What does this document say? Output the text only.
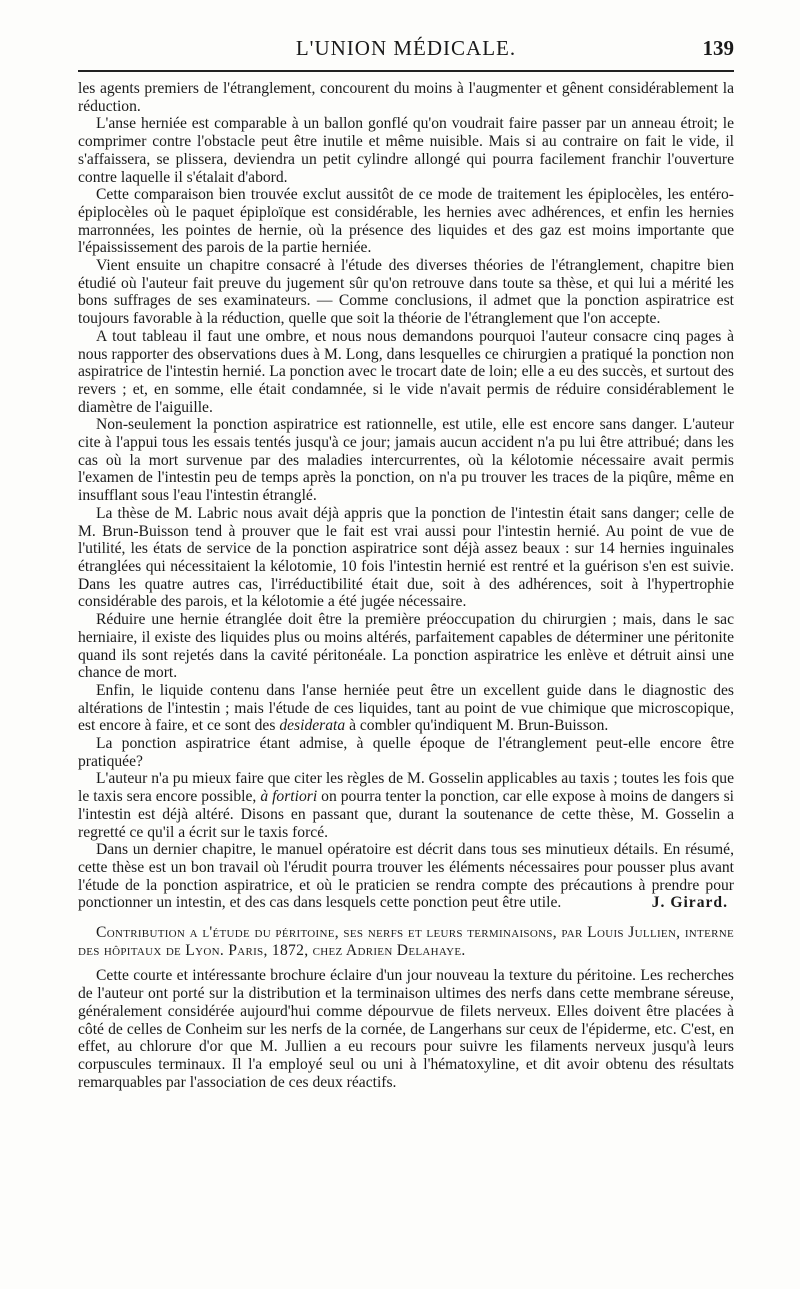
L'UNION MÉDICALE.	139

les agents premiers de l'étranglement, concourent du moins à l'augmenter et gênent considérablement la réduction.

L'anse herniée est comparable à un ballon gonflé qu'on voudrait faire passer par un anneau étroit; le comprimer contre l'obstacle peut être inutile et même nuisible. Mais si au contraire on fait le vide, il s'affaissera, se plissera, deviendra un petit cylindre allongé qui pourra facilement franchir l'ouverture contre laquelle il s'étalait d'abord.

Cette comparaison bien trouvée exclut aussitôt de ce mode de traitement les épiplocèles, les entéro-épiplocèles où le paquet épiploïque est considérable, les hernies avec adhérences, et enfin les hernies marronnées, les pointes de hernie, où la présence des liquides et des gaz est moins importante que l'épaississement des parois de la partie herniée.

Vient ensuite un chapitre consacré à l'étude des diverses théories de l'étranglement, chapitre bien étudié où l'auteur fait preuve du jugement sûr qu'on retrouve dans toute sa thèse, et qui lui a mérité les bons suffrages de ses examinateurs. — Comme conclusions, il admet que la ponction aspiratrice est toujours favorable à la réduction, quelle que soit la théorie de l'étranglement que l'on accepte.

A tout tableau il faut une ombre, et nous nous demandons pourquoi l'auteur consacre cinq pages à nous rapporter des observations dues à M. Long, dans lesquelles ce chirurgien a pratiqué la ponction non aspiratrice de l'intestin hernié. La ponction avec le trocart date de loin; elle a eu des succès, et surtout des revers ; et, en somme, elle était condamnée, si le vide n'avait permis de réduire considérablement le diamètre de l'aiguille.

Non-seulement la ponction aspiratrice est rationnelle, est utile, elle est encore sans danger. L'auteur cite à l'appui tous les essais tentés jusqu'à ce jour; jamais aucun accident n'a pu lui être attribué; dans les cas où la mort survenue par des maladies intercurrentes, où la kélotomie nécessaire avait permis l'examen de l'intestin peu de temps après la ponction, on n'a pu trouver les traces de la piqûre, même en insufflant sous l'eau l'intestin étranglé.

La thèse de M. Labric nous avait déjà appris que la ponction de l'intestin était sans danger; celle de M. Brun-Buisson tend à prouver que le fait est vrai aussi pour l'intestin hernié. Au point de vue de l'utilité, les états de service de la ponction aspiratrice sont déjà assez beaux : sur 14 hernies inguinales étranglées qui nécessitaient la kélotomie, 10 fois l'intestin hernié est rentré et la guérison s'en est suivie. Dans les quatre autres cas, l'irréductibilité était due, soit à des adhérences, soit à l'hypertrophie considérable des parois, et la kélotomie a été jugée nécessaire.

Réduire une hernie étranglée doit être la première préoccupation du chirurgien ; mais, dans le sac herniaire, il existe des liquides plus ou moins altérés, parfaitement capables de déterminer une péritonite quand ils sont rejetés dans la cavité péritonéale. La ponction aspiratrice les enlève et détruit ainsi une chance de mort.

Enfin, le liquide contenu dans l'anse herniée peut être un excellent guide dans le diagnostic des altérations de l'intestin ; mais l'étude de ces liquides, tant au point de vue chimique que microscopique, est encore à faire, et ce sont des desiderata à combler qu'indiquent M. Brun-Buisson.

La ponction aspiratrice étant admise, à quelle époque de l'étranglement peut-elle encore être pratiquée?

L'auteur n'a pu mieux faire que citer les règles de M. Gosselin applicables au taxis ; toutes les fois que le taxis sera encore possible, à fortiori on pourra tenter la ponction, car elle expose à moins de dangers si l'intestin est déjà altéré. Disons en passant que, durant la soutenance de cette thèse, M. Gosselin a regretté ce qu'il a écrit sur le taxis forcé.

Dans un dernier chapitre, le manuel opératoire est décrit dans tous ses minutieux détails. En résumé, cette thèse est un bon travail où l'érudit pourra trouver les éléments nécessaires pour pousser plus avant l'étude de la ponction aspiratrice, et où le praticien se rendra compte des précautions à prendre pour ponctionner un intestin, et des cas dans lesquels cette ponction peut être utile.	J. Girard.

Contribution a l'étude du péritoine, ses nerfs et leurs terminaisons, par Louis Jullien, interne des hôpitaux de Lyon. Paris, 1872, chez Adrien Delahaye.

Cette courte et intéressante brochure éclaire d'un jour nouveau la texture du péritoine. Les recherches de l'auteur ont porté sur la distribution et la terminaison ultimes des nerfs dans cette membrane séreuse, généralement considérée aujourd'hui comme dépourvue de filets nerveux. Elles doivent être placées à côté de celles de Conheim sur les nerfs de la cornée, de Langerhans sur ceux de l'épiderme, etc. C'est, en effet, au chlorure d'or que M. Jullien a eu recours pour suivre les filaments nerveux jusqu'à leurs corpuscules terminaux. Il l'a employé seul ou uni à l'hématoxyline, et dit avoir obtenu des résultats remarquables par l'association de ces deux réactifs.
